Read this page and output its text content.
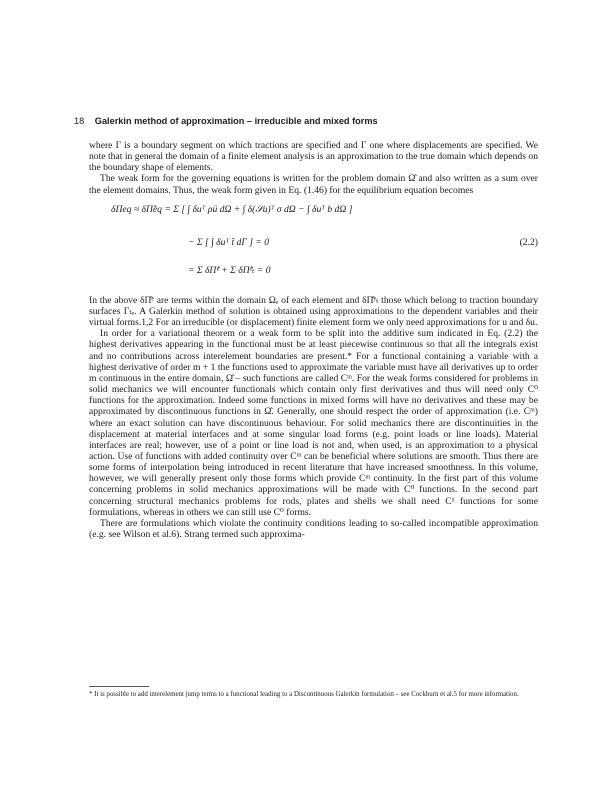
18 Galerkin method of approximation – irreducible and mixed forms

where Γ is a boundary segment on which tractions are specified and Γ one where displacements are specified. We note that in general the domain of a finite element analysis is an approximation to the true domain which depends on the boundary shape of elements.

The weak form for the governing equations is written for the problem domain Ω̂ and also written as a sum over the element domains. Thus, the weak form given in Eq. (1.46) for the equilibrium equation becomes

δΠeq ≈ δΠ̂eq = Σ [ ∫ δuᵀ ρü dΩ + ∫ δ(𝒮u)ᵀ σ dΩ − ∫ δuᵀ b dΩ ]
− Σ [ ∫ δuᵀ t̄ dΓ ] = 0
= Σ δΠ̂ᵉ + Σ δΠ̂ᵉₜ = 0
(2.2)

In the above δΠ̂ᵉ are terms within the domain Ωₑ of each element and δΠ̂ᵉₜ those which belong to traction boundary surfaces Γₜₑ. A Galerkin method of solution is obtained using approximations to the dependent variables and their virtual forms.1,2 For an irreducible (or displacement) finite element form we only need approximations for u and δu.

In order for a variational theorem or a weak form to be split into the additive sum indicated in Eq. (2.2) the highest derivatives appearing in the functional must be at least piecewise continuous so that all the integrals exist and no contributions across interelement boundaries are present.* For a functional containing a variable with a highest derivative of order m + 1 the functions used to approximate the variable must have all derivatives up to order m continuous in the entire domain, Ω̂ – such functions are called Cᵐ. For the weak forms considered for problems in solid mechanics we will encounter functionals which contain only first derivatives and thus will need only C⁰ functions for the approximation. Indeed some functions in mixed forms will have no derivatives and these may be approximated by discontinuous functions in Ω̂. Generally, one should respect the order of approximation (i.e. Cᵐ) where an exact solution can have discontinuous behaviour. For solid mechanics there are discontinuities in the displacement at material interfaces and at some singular load forms (e.g. point loads or line loads). Material interfaces are real; however, use of a point or line load is not and, when used, is an approximation to a physical action. Use of functions with added continuity over Cᵐ can be beneficial where solutions are smooth. Thus there are some forms of interpolation being introduced in recent literature that have increased smoothness. In this volume, however, we will generally present only those forms which provide Cᵐ continuity. In the first part of this volume concerning problems in solid mechanics approximations will be made with C⁰ functions. In the second part concerning structural mechanics problems for rods, plates and shells we shall need C¹ functions for some formulations, whereas in others we can still use C⁰ forms.

There are formulations which violate the continuity conditions leading to so-called incompatible approximation (e.g. see Wilson et al.6). Strang termed such approxima-

* It is possible to add interelement jump terms to a functional leading to a Discontinuous Galerkin formulation – see Cockburn et al.5 for more information.
